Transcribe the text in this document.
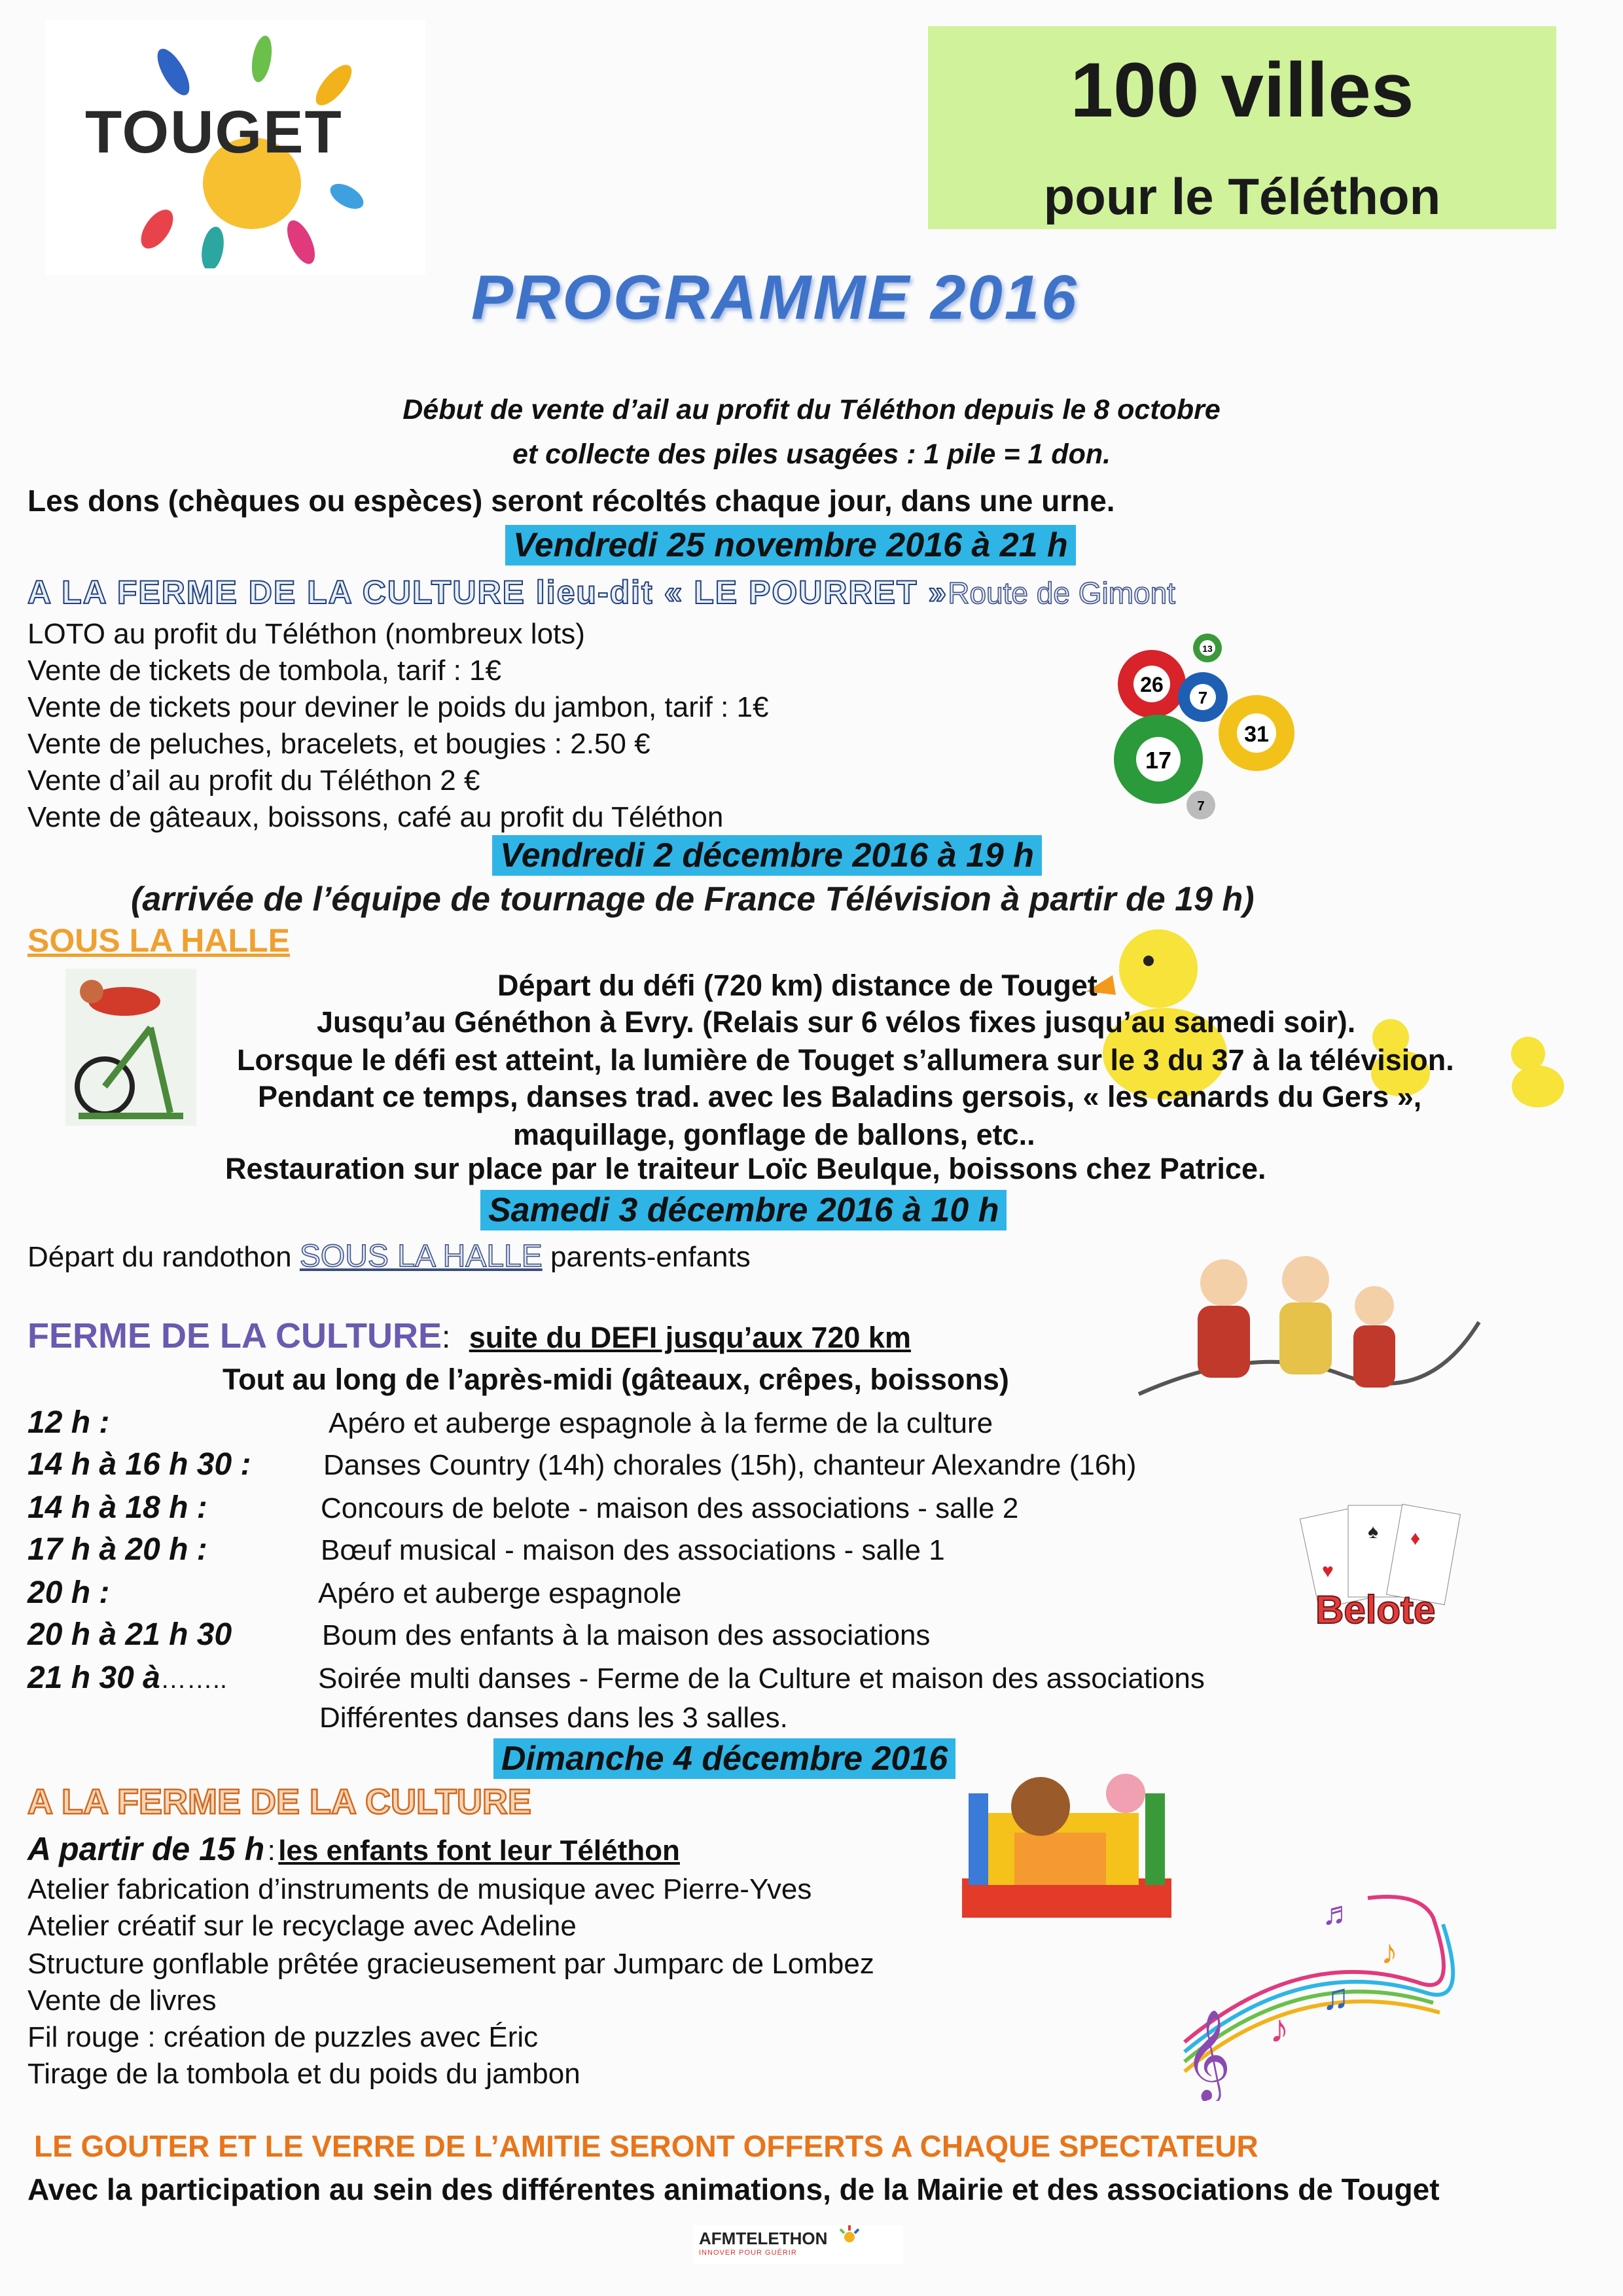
TOUGET	100 villes
pour le Téléthon
PROGRAMME 2016
Début de vente d’ail au profit du Téléthon depuis le 8 octobre
et collecte des piles usagées : 1 pile = 1 don.
Les dons (chèques ou espèces) seront récoltés chaque jour, dans une urne.
Vendredi 25 novembre 2016 à 21 h
A LA FERME DE LA CULTURE lieu-dit « LE POURRET »Route de Gimont
LOTO au profit du Téléthon (nombreux lots)
Vente de tickets de tombola, tarif : 1€
Vente de tickets pour deviner le poids du jambon, tarif : 1€
Vente de peluches, bracelets, et bougies : 2.50 €
Vente d’ail au profit du Téléthon 2 €
Vente de gâteaux, boissons, café au profit du Téléthon
26
7
31
17
13
7
Vendredi 2 décembre 2016 à 19 h
(arrivée de l’équipe de tournage de France Télévision à partir de 19 h)
SOUS LA HALLE
Départ du défi (720 km) distance de Touget
Jusqu’au Généthon à Evry. (Relais sur 6 vélos fixes jusqu’au samedi soir).
Lorsque le défi est atteint, la lumière de Touget s’allumera sur le 3 du 37 à la télévision.
Pendant ce temps, danses trad. avec les Baladins gersois, « les canards du Gers »,
maquillage, gonflage de ballons, etc..
Restauration sur place par le traiteur Loïc Beulque, boissons chez Patrice.
Samedi 3 décembre 2016 à 10 h
Départ du randothon SOUS LA HALLE parents-enfants
FERME DE LA CULTURE: suite du DEFI jusqu’aux 720 km
Tout au long de l’après-midi (gâteaux, crêpes, boissons)
12 h :	Apéro et auberge espagnole à la ferme de la culture
14 h à 16 h 30 :	Danses Country (14h) chorales (15h), chanteur Alexandre (16h)
14 h à 18 h :	Concours de belote - maison des associations - salle 2
17 h à 20 h :	Bœuf musical - maison des associations - salle 1
20 h :	Apéro et auberge espagnole
20 h à 21 h 30	Boum des enfants à la maison des associations
21 h 30 à……..	Soirée multi danses - Ferme de la Culture et maison des associations
Différentes danses dans les 3 salles.
♥
♠ ♦
Belote
Dimanche 4 décembre 2016
A LA FERME DE LA CULTURE
A partir de 15 h : les enfants font leur Téléthon
Atelier fabrication d’instruments de musique avec Pierre-Yves
Atelier créatif sur le recyclage avec Adeline
Structure gonflable prêtée gracieusement par Jumparc de Lombez
Vente de livres
Fil rouge : création de puzzles avec Éric
Tirage de la tombola et du poids du jambon	𝄞 ♪
♫
♪
♬
LE GOUTER ET LE VERRE DE L’AMITIE SERONT OFFERTS A CHAQUE SPECTATEUR
Avec la participation au sein des différentes animations, de la Mairie et des associations de Touget
AFMTELETHON
INNOVER POUR GUÉRIR
